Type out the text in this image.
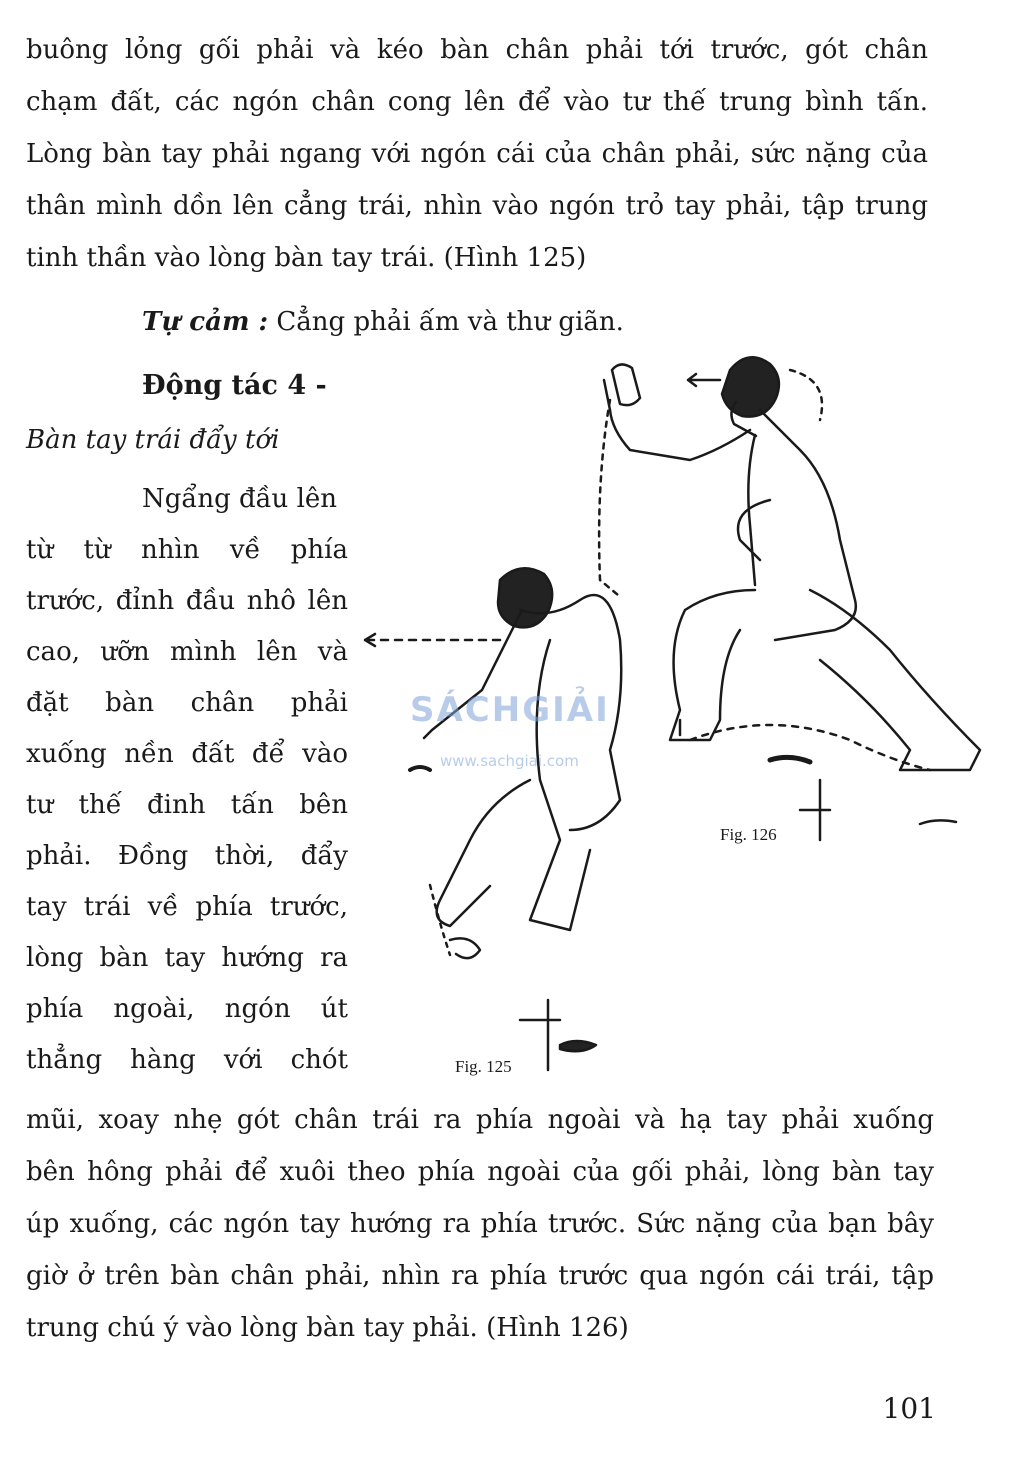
buông lỏng gối phải và kéo bàn chân phải tới trước, gót chân
chạm đất, các ngón chân cong lên để vào tư thế trung bình tấn.
Lòng bàn tay phải ngang với ngón cái của chân phải, sức nặng của
thân mình dồn lên cẳng trái, nhìn vào ngón trỏ tay phải, tập trung
tinh thần vào lòng bàn tay trái. (Hình 125)
Tự cảm : Cẳng phải ấm và thư giãn.
Động tác 4 -
Bàn tay trái đẩy tới
Ngẩng đầu lên
từ từ nhìn về phía
trước, đỉnh đầu nhô lên
cao, ưỡn mình lên và
đặt bàn chân phải
xuống nền đất để vào
tư thế đinh tấn bên
phải. Đồng thời, đẩy
tay trái về phía trước,
lòng bàn tay hướng ra
phía ngoài, ngón út
thẳng hàng với chót
Fig. 126
Fig. 125
SÁCHGIẢI
www.sachgiai.com
mũi, xoay nhẹ gót chân trái ra phía ngoài và hạ tay phải xuống
bên hông phải để xuôi theo phía ngoài của gối phải, lòng bàn tay
úp xuống, các ngón tay hướng ra phía trước. Sức nặng của bạn bây
giờ ở trên bàn chân phải, nhìn ra phía trước qua ngón cái trái, tập
trung chú ý vào lòng bàn tay phải. (Hình 126)
101
